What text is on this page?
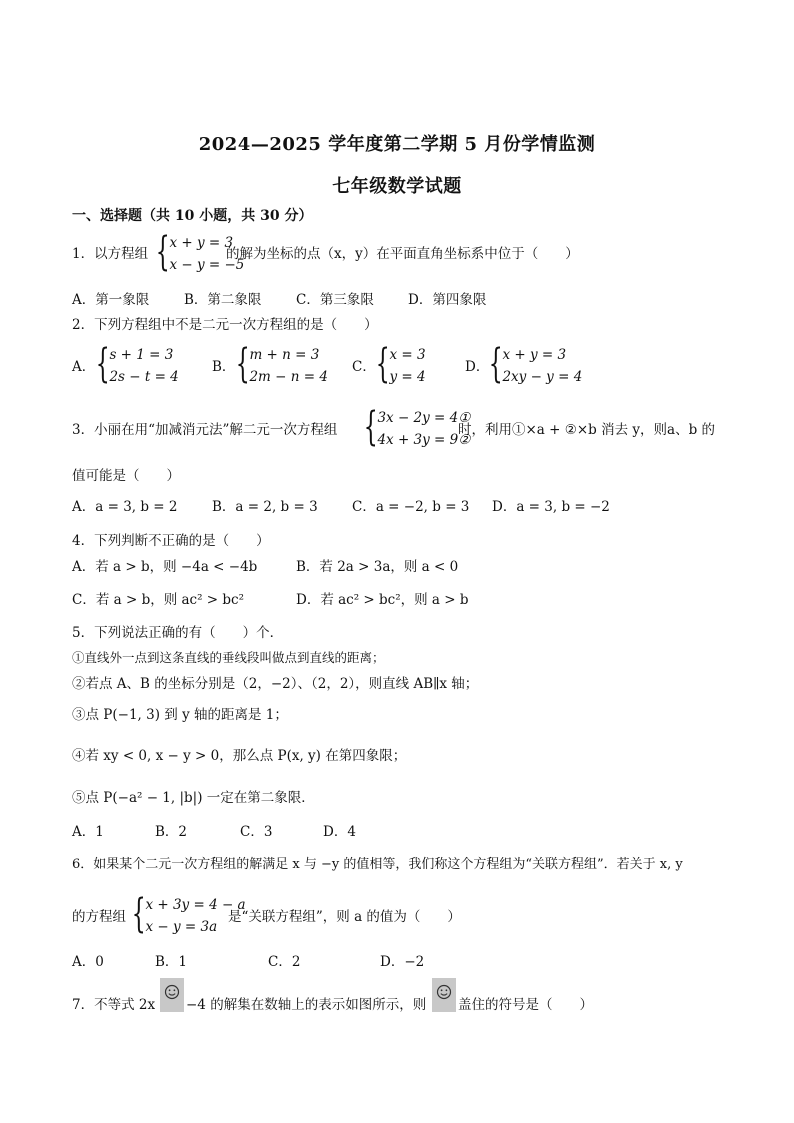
2024—2025 学年度第二学期 5 月份学情监测
七年级数学试题
一、选择题（共 10 小题，共 30 分）
1．以方程组 { x + y = 3
x − y = −5
的解为坐标的点（x，y）在平面直角坐标系中位于（　　）
A．第一象限	B．第二象限	C．第三象限	D．第四象限
2．下列方程组中不是二元一次方程组的是（　　）
A． { s + 1 = 3
2s − t = 4
B． { m + n = 3
2m − n = 4
C． { x = 3
y = 4
D． { x + y = 3
2xy − y = 4
3．小丽在用“加减消元法”解二元一次方程组 { 3x − 2y = 4①
4x + 3y = 9②
时，利用①×a + ②×b 消去 y，则a、b 的
值可能是（　　）
A．a = 3, b = 2	B．a = 2, b = 3	C．a = −2, b = 3 D．a = 3, b = −2
4．下列判断不正确的是（　　）
A．若 a > b，则 −4a < −4b	B．若 2a > 3a，则 a < 0
C．若 a > b，则 ac² > bc²	D．若 ac² > bc²，则 a > b
5．下列说法正确的有（　　）个．
①直线外一点到这条直线的垂线段叫做点到直线的距离；
②若点 A、B 的坐标分别是（2，−2）、（2，2），则直线 AB∥x 轴；
③点 P(−1, 3) 到 y 轴的距离是 1；
④若 xy < 0, x − y > 0，那么点 P(x, y) 在第四象限；
⑤点 P(−a² − 1, |b|) 一定在第二象限．
A．1	B．2	C．3	D．4
6．如果某个二元一次方程组的解满足 x 与 −y 的值相等，我们称这个方程组为“关联方程组”．若关于 x, y
的方程组 { x + 3y = 4 − a
x − y = 3a
是“关联方程组”，则 a 的值为（　　）
A．0	B．1	C．2	D．−2
7．不等式 2x −4 的解集在数轴上的表示如图所示，则 盖住的符号是（　　）
